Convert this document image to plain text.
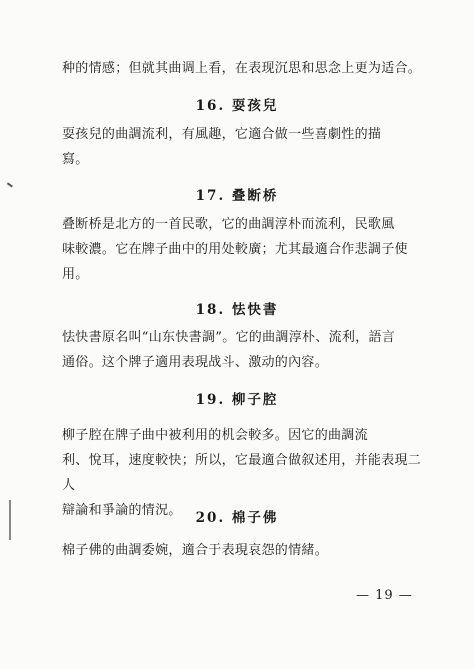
种的情感；但就其曲调上看，在表现沉思和思念上更为适合。

16. 耍孩兒

耍孩兒的曲調流利，有風趣，它適合做一些喜劇性的描
寫。

17. 叠断桥

叠断桥是北方的一首民歌，它的曲調淳朴而流利，民歌風
味較濃。它在牌子曲中的用处較廣；尤其最適合作悲調子使
用。

18. 怯快書

怯快書原名叫“山东快書調”。它的曲調淳朴、流利，語言
通俗。这个牌子適用表現战斗、激动的內容。

19. 柳子腔

柳子腔在牌子曲中被利用的机会較多。因它的曲調流
利、悅耳，速度較快；所以，它最適合做叙述用，并能表現二人
辯論和爭論的情況。	20. 棉子佛

棉子佛的曲調委婉，適合于表現哀怨的情緒。

— 19 —
